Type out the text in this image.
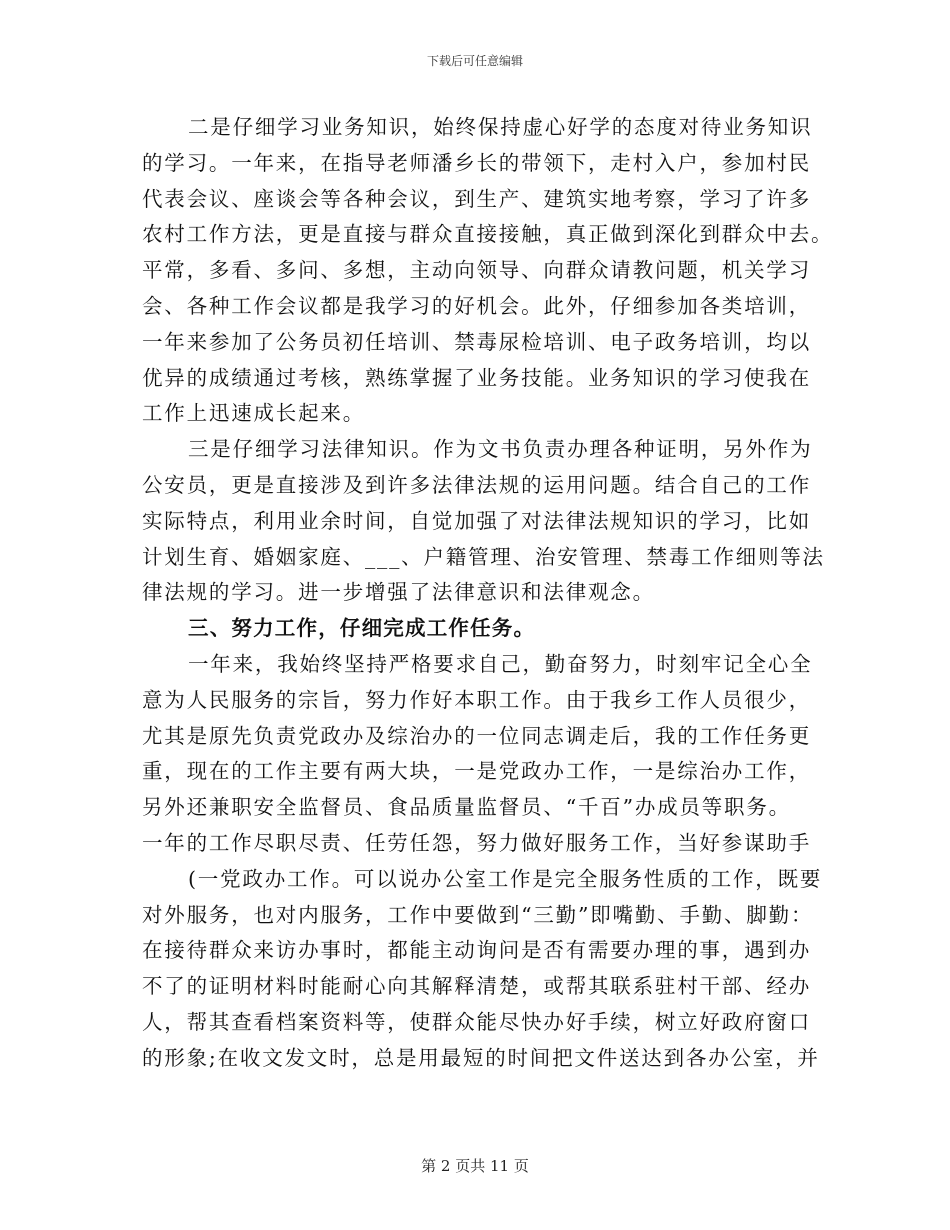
下载后可任意编辑
二是仔细学习业务知识，始终保持虚心好学的态度对待业务知识
的学习。一年来，在指导老师潘乡长的带领下，走村入户，参加村民
代表会议、座谈会等各种会议，到生产、建筑实地考察，学习了许多
农村工作方法，更是直接与群众直接接触，真正做到深化到群众中去。
平常，多看、多问、多想，主动向领导、向群众请教问题，机关学习
会、各种工作会议都是我学习的好机会。此外，仔细参加各类培训，
一年来参加了公务员初任培训、禁毒尿检培训、电子政务培训，均以
优异的成绩通过考核，熟练掌握了业务技能。业务知识的学习使我在
工作上迅速成长起来。
三是仔细学习法律知识。作为文书负责办理各种证明，另外作为
公安员，更是直接涉及到许多法律法规的运用问题。结合自己的工作
实际特点，利用业余时间，自觉加强了对法律法规知识的学习，比如
计划生育、婚姻家庭、___、户籍管理、治安管理、禁毒工作细则等法
律法规的学习。进一步增强了法律意识和法律观念。
三、努力工作，仔细完成工作任务。
一年来，我始终坚持严格要求自己，勤奋努力，时刻牢记全心全
意为人民服务的宗旨，努力作好本职工作。由于我乡工作人员很少，
尤其是原先负责党政办及综治办的一位同志调走后，我的工作任务更
重，现在的工作主要有两大块，一是党政办工作，一是综治办工作，
另外还兼职安全监督员、食品质量监督员、“千百”办成员等职务。
一年的工作尽职尽责、任劳任怨，努力做好服务工作，当好参谋助手
(一党政办工作。可以说办公室工作是完全服务性质的工作，既要
对外服务，也对内服务，工作中要做到“三勤”即嘴勤、手勤、脚勤：
在接待群众来访办事时，都能主动询问是否有需要办理的事，遇到办
不了的证明材料时能耐心向其解释清楚，或帮其联系驻村干部、经办
人，帮其查看档案资料等，使群众能尽快办好手续，树立好政府窗口
的形象;在收文发文时，总是用最短的时间把文件送达到各办公室，并
第 2 页共 11 页
